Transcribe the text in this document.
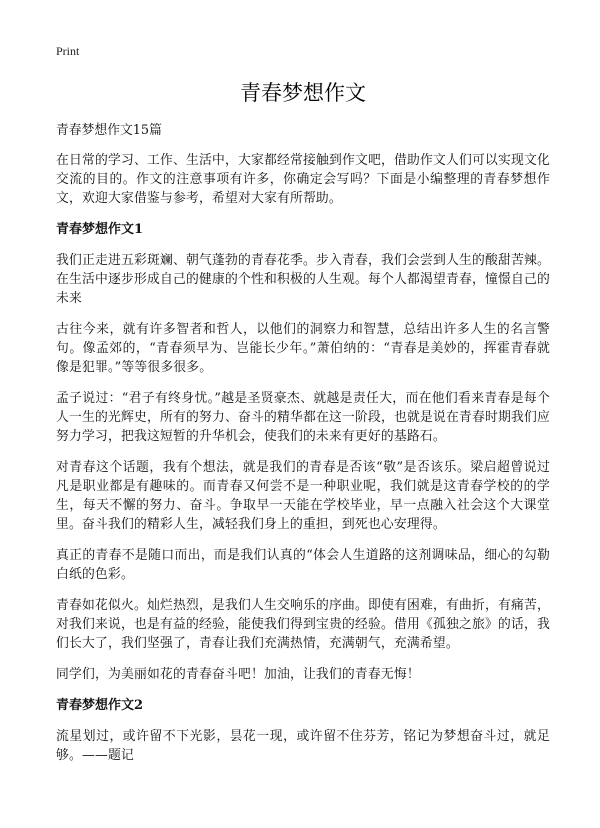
Print
青春梦想作文
青春梦想作文15篇

在日常的学习、工作、生活中，大家都经常接触到作文吧，借助作文人们可以实现文化交流的目的。作文的注意事项有许多，你确定会写吗？下面是小编整理的青春梦想作文，欢迎大家借鉴与参考，希望对大家有所帮助。

青春梦想作文1

我们正走进五彩斑斓、朝气蓬勃的青春花季。步入青春，我们会尝到人生的酸甜苦辣。在生活中逐步形成自己的健康的个性和积极的人生观。每个人都渴望青春，憧憬自己的未来

古往今来，就有许多智者和哲人，以他们的洞察力和智慧，总结出许多人生的名言警句。像孟郊的，“青春须早为、岂能长少年。”萧伯纳的：“青春是美妙的，挥霍青春就像是犯罪。”等等很多很多。

孟子说过：“君子有终身忧。”越是圣贤豪杰、就越是责任大，而在他们看来青春是每个人一生的光辉史，所有的努力、奋斗的精华都在这一阶段，也就是说在青春时期我们应努力学习，把我这短暂的升华机会，使我们的未来有更好的基路石。

对青春这个话题，我有个想法，就是我们的青春是否该“敬”是否该乐。梁启超曾说过凡是职业都是有趣味的。而青春又何尝不是一种职业呢，我们就是这青春学校的的学生，每天不懈的努力、奋斗。争取早一天能在学校毕业，早一点融入社会这个大课堂里。奋斗我们的精彩人生，减轻我们身上的重担，到死也心安理得。

真正的青春不是随口而出，而是我们认真的“体会人生道路的这剂调味品，细心的勾勒白纸的色彩。

青春如花似火。灿烂热烈，是我们人生交响乐的序曲。即使有困难，有曲折，有痛苦，对我们来说，也是有益的经验，能使我们得到宝贵的经验。借用《孤独之旅》的话，我们长大了，我们坚强了，青春让我们充满热情，充满朝气，充满希望。

同学们，为美丽如花的青春奋斗吧！加油，让我们的青春无悔！

青春梦想作文2

流星划过，或许留不下光影，昙花一现，或许留不住芬芳，铭记为梦想奋斗过，就足够。——题记
